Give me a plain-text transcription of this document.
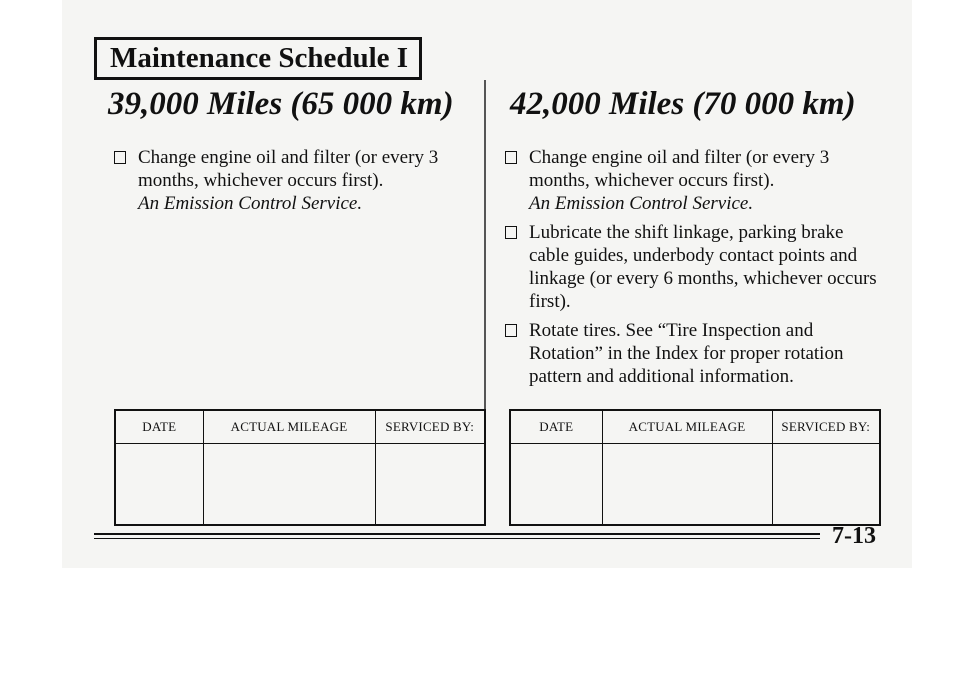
Maintenance Schedule I
39,000 Miles (65 000 km)
Change engine oil and filter (or every 3 months, whichever occurs first).
An Emission Control Service.
42,000 Miles (70 000 km)
Change engine oil and filter (or every 3 months, whichever occurs first).
An Emission Control Service.
Lubricate the shift linkage, parking brake cable guides, underbody contact points and linkage (or every 6 months, whichever occurs first).
Rotate tires. See “Tire Inspection and Rotation” in the Index for proper rotation pattern and additional information.
DATE	ACTUAL MILEAGE	SERVICED BY:
			DATE	ACTUAL MILEAGE	SERVICED BY:

7-13
